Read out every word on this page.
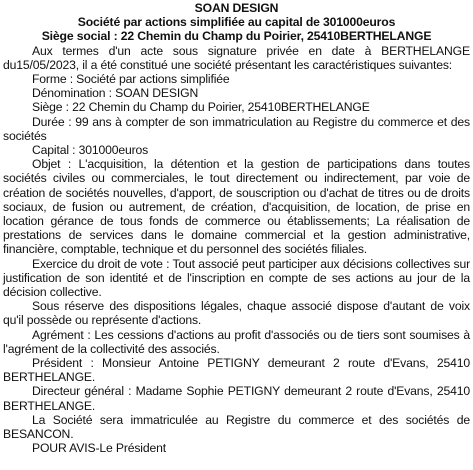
SOAN DESIGN
Société par actions simplifiée au capital de 301000euros
Siège social : 22 Chemin du Champ du Poirier, 25410BERTHELANGE

Aux termes d'un acte sous signature privée en date à BERTHELANGE du15/05/2023, il a été constitué une société présentant les caractéristiques suivantes:

Forme : Société par actions simplifiée

Dénomination : SOAN DESIGN

Siège : 22 Chemin du Champ du Poirier, 25410BERTHELANGE

Durée : 99 ans à compter de son immatriculation au Registre du commerce et des sociétés

Capital : 301000euros

Objet : L'acquisition, la détention et la gestion de participations dans toutes sociétés civiles ou commerciales, le tout directement ou indirectement, par voie de création de sociétés nouvelles, d'apport, de souscription ou d'achat de titres ou de droits sociaux, de fusion ou autrement, de création, d'acquisition, de location, de prise en location gérance de tous fonds de commerce ou établissements; La réalisation de prestations de services dans le domaine commercial et la gestion administrative, financière, comptable, technique et du personnel des sociétés filiales.

Exercice du droit de vote : Tout associé peut participer aux décisions collectives sur justification de son identité et de l'inscription en compte de ses actions au jour de la décision collective.

Sous réserve des dispositions légales, chaque associé dispose d'autant de voix qu'il possède ou représente d'actions.

Agrément : Les cessions d'actions au profit d'associés ou de tiers sont soumises à l'agrément de la collectivité des associés.

Président : Monsieur Antoine PETIGNY demeurant 2 route d'Evans, 25410 BERTHELANGE.

Directeur général : Madame Sophie PETIGNY demeurant 2 route d'Evans, 25410 BERTHELANGE.

La Société sera immatriculée au Registre du commerce et des sociétés de BESANCON.

POUR AVIS-Le Président
